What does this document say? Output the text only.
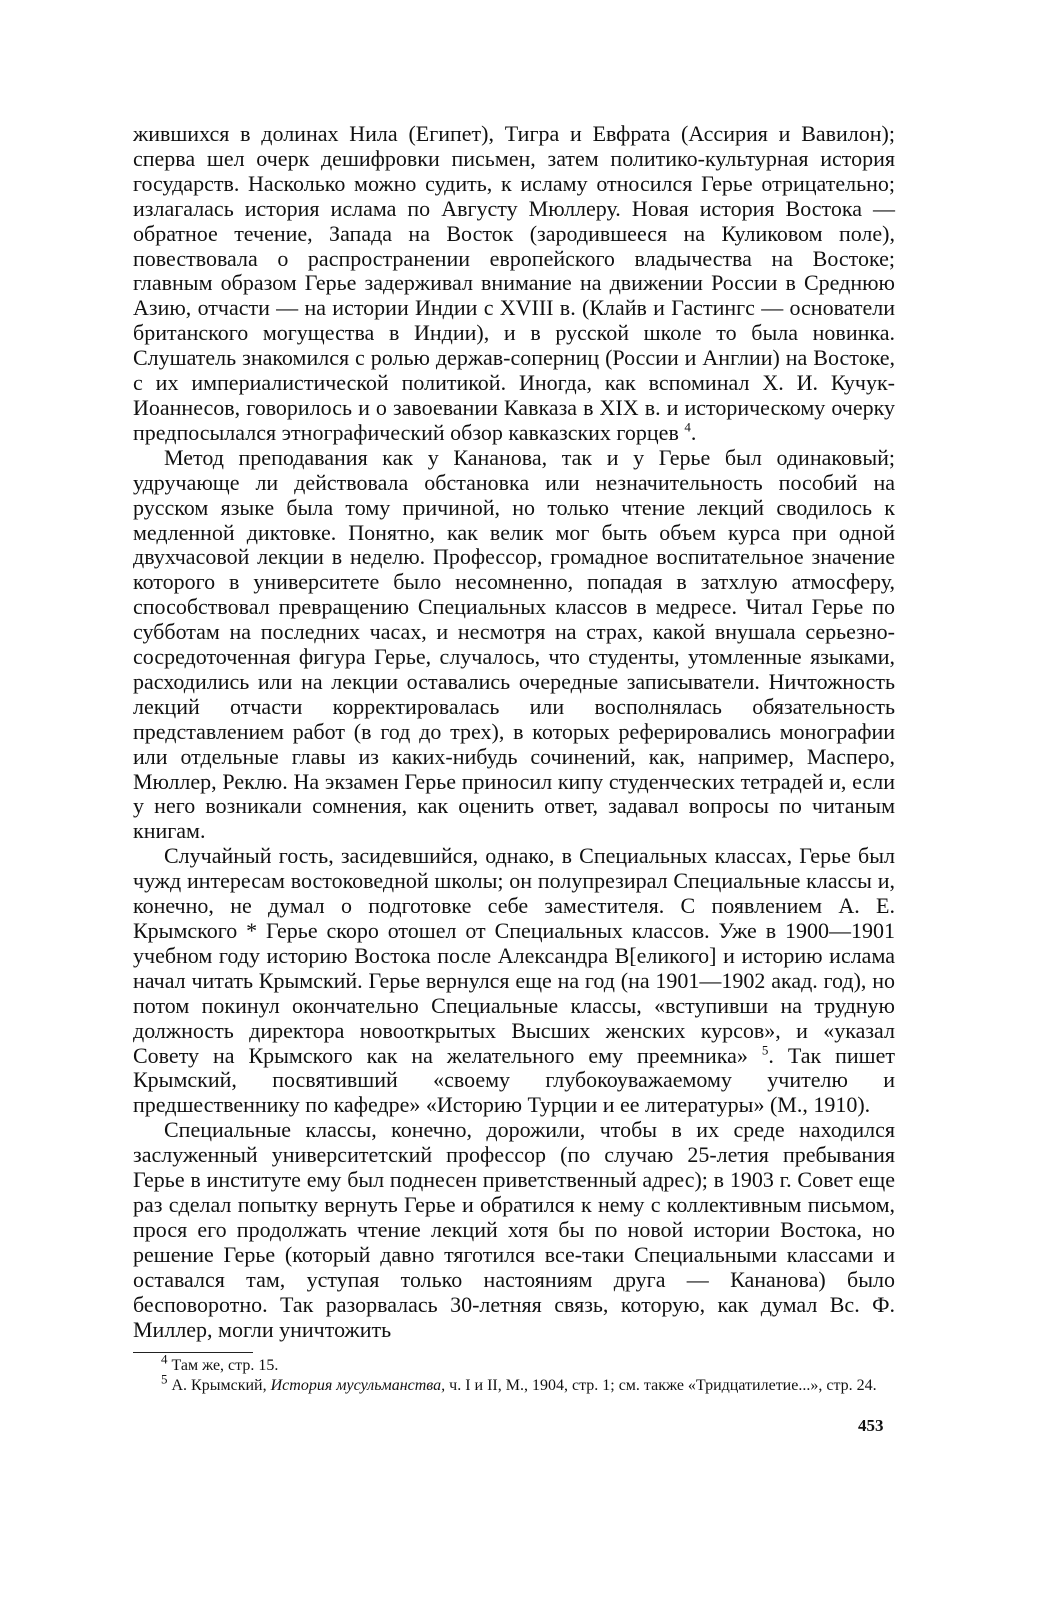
жившихся в долинах Нила (Египет), Тигра и Евфрата (Ассирия и Вавилон); сперва шел очерк дешифровки письмен, затем политико-культурная история государств. Насколько можно судить, к исламу относился Герье отрицательно; излагалась история ислама по Августу Мюллеру. Новая история Востока — обратное течение, Запада на Восток (зародившееся на Куликовом поле), повествовала о распространении европейского владычества на Востоке; главным образом Герье задерживал внимание на движении России в Среднюю Азию, отчасти — на истории Индии с XVIII в. (Клайв и Гастингс — основатели британского могущества в Индии), и в русской школе то была новинка. Слушатель знакомился с ролью держав-соперниц (России и Англии) на Востоке, с их империалистической политикой. Иногда, как вспоминал Х. И. Кучук-Иоаннесов, говорилось и о завоевании Кавказа в XIX в. и историческому очерку предпосылался этнографический обзор кавказских горцев $^4$.

Метод преподавания как у Кананова, так и у Герье был одинаковый; удручающе ли действовала обстановка или незначительность пособий на русском языке была тому причиной, но только чтение лекций сводилось к медленной диктовке. Понятно, как велик мог быть объем курса при одной двухчасовой лекции в неделю. Профессор, громадное воспитательное значение которого в университете было несомненно, попадая в затхлую атмосферу, способствовал превращению Специальных классов в медресе. Читал Герье по субботам на последних часах, и несмотря на страх, какой внушала серьезно-сосредоточенная фигура Герье, случалось, что студенты, утомленные языками, расходились или на лекции оставались очередные записыватели. Ничтожность лекций отчасти корректировалась или восполнялась обязательность представлением работ (в год до трех), в которых реферировались монографии или отдельные главы из каких-нибудь сочинений, как, например, Масперо, Мюллер, Реклю. На экзамен Герье приносил кипу студенческих тетрадей и, если у него возникали сомнения, как оценить ответ, задавал вопросы по читаным книгам.

Случайный гость, засидевшийся, однако, в Специальных классах, Герье был чужд интересам востоковедной школы; он полупрезирал Специальные классы и, конечно, не думал о подготовке себе заместителя. С появлением А. Е. Крымского * Герье скоро отошел от Специальных классов. Уже в 1900—1901 учебном году историю Востока после Александра В[еликого] и историю ислама начал читать Крымский. Герье вернулся еще на год (на 1901—1902 акад. год), но потом покинул окончательно Специальные классы, «вступивши на трудную должность директора новооткрытых Высших женских курсов», и «указал Совету на Крымского как на желательного ему преемника» $^5$. Так пишет Крымский, посвятивший «своему глубокоуважаемому учителю и предшественнику по кафедре» «Историю Турции и ее литературы» (М., 1910).

Специальные классы, конечно, дорожили, чтобы в их среде находился заслуженный университетский профессор (по случаю 25-летия пребывания Герье в институте ему был поднесен приветственный адрес); в 1903 г. Совет еще раз сделал попытку вернуть Герье и обратился к нему с коллективным письмом, прося его продолжать чтение лекций хотя бы по новой истории Востока, но решение Герье (который давно тяготился все-таки Специальными классами и оставался там, уступая только настояниям друга — Кананова) было бесповоротно. Так разорвалась 30-летняя связь, которую, как думал Вс. Ф. Миллер, могли уничтожить

$^4$ Там же, стр. 15.

$^5$ А. Крымский, История мусульманства, ч. I и II, М., 1904, стр. 1; см. также «Тридцатилетие...», стр. 24.

453
